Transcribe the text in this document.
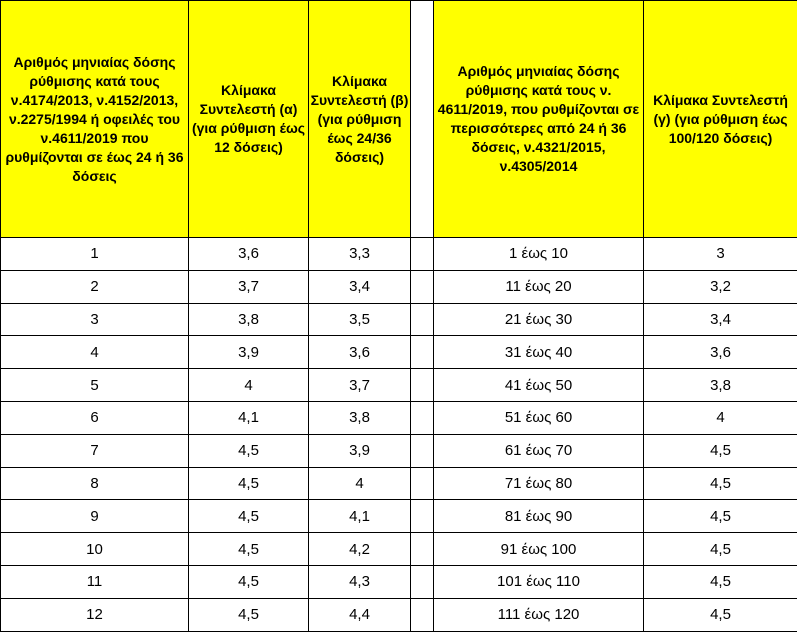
Αριθμός μηνιαίας δόσης ρύθμισης κατά τους ν.4174/2013, ν.4152/2013, ν.2275/1994 ή οφειλές του ν.4611/2019 που ρυθμίζονται σε έως 24 ή 36 δόσεις	Κλίμακα Συντελεστή (α) (για ρύθμιση έως 12 δόσεις)	Κλίμακα Συντελεστή (β) (για ρύθμιση έως 24/36 δόσεις)		Αριθμός μηνιαίας δόσης ρύθμισης κατά τους ν. 4611/2019, που ρυθμίζονται σε περισσότερες από 24 ή 36 δόσεις, ν.4321/2015, ν.4305/2014	Κλίμακα Συντελεστή (γ) (για ρύθμιση έως 100/120 δόσεις)
1	3,6	3,3		1 έως 10	3
2	3,7	3,4		11 έως 20	3,2
3	3,8	3,5		21 έως 30	3,4
4	3,9	3,6		31 έως 40	3,6
5	4	3,7		41 έως 50	3,8
6	4,1	3,8		51 έως 60	4
7	4,5	3,9		61 έως 70	4,5
8	4,5	4		71 έως 80	4,5
9	4,5	4,1		81 έως 90	4,5
10	4,5	4,2		91 έως 100	4,5
11	4,5	4,3		101 έως 110	4,5
12	4,5	4,4		111 έως 120	4,5
